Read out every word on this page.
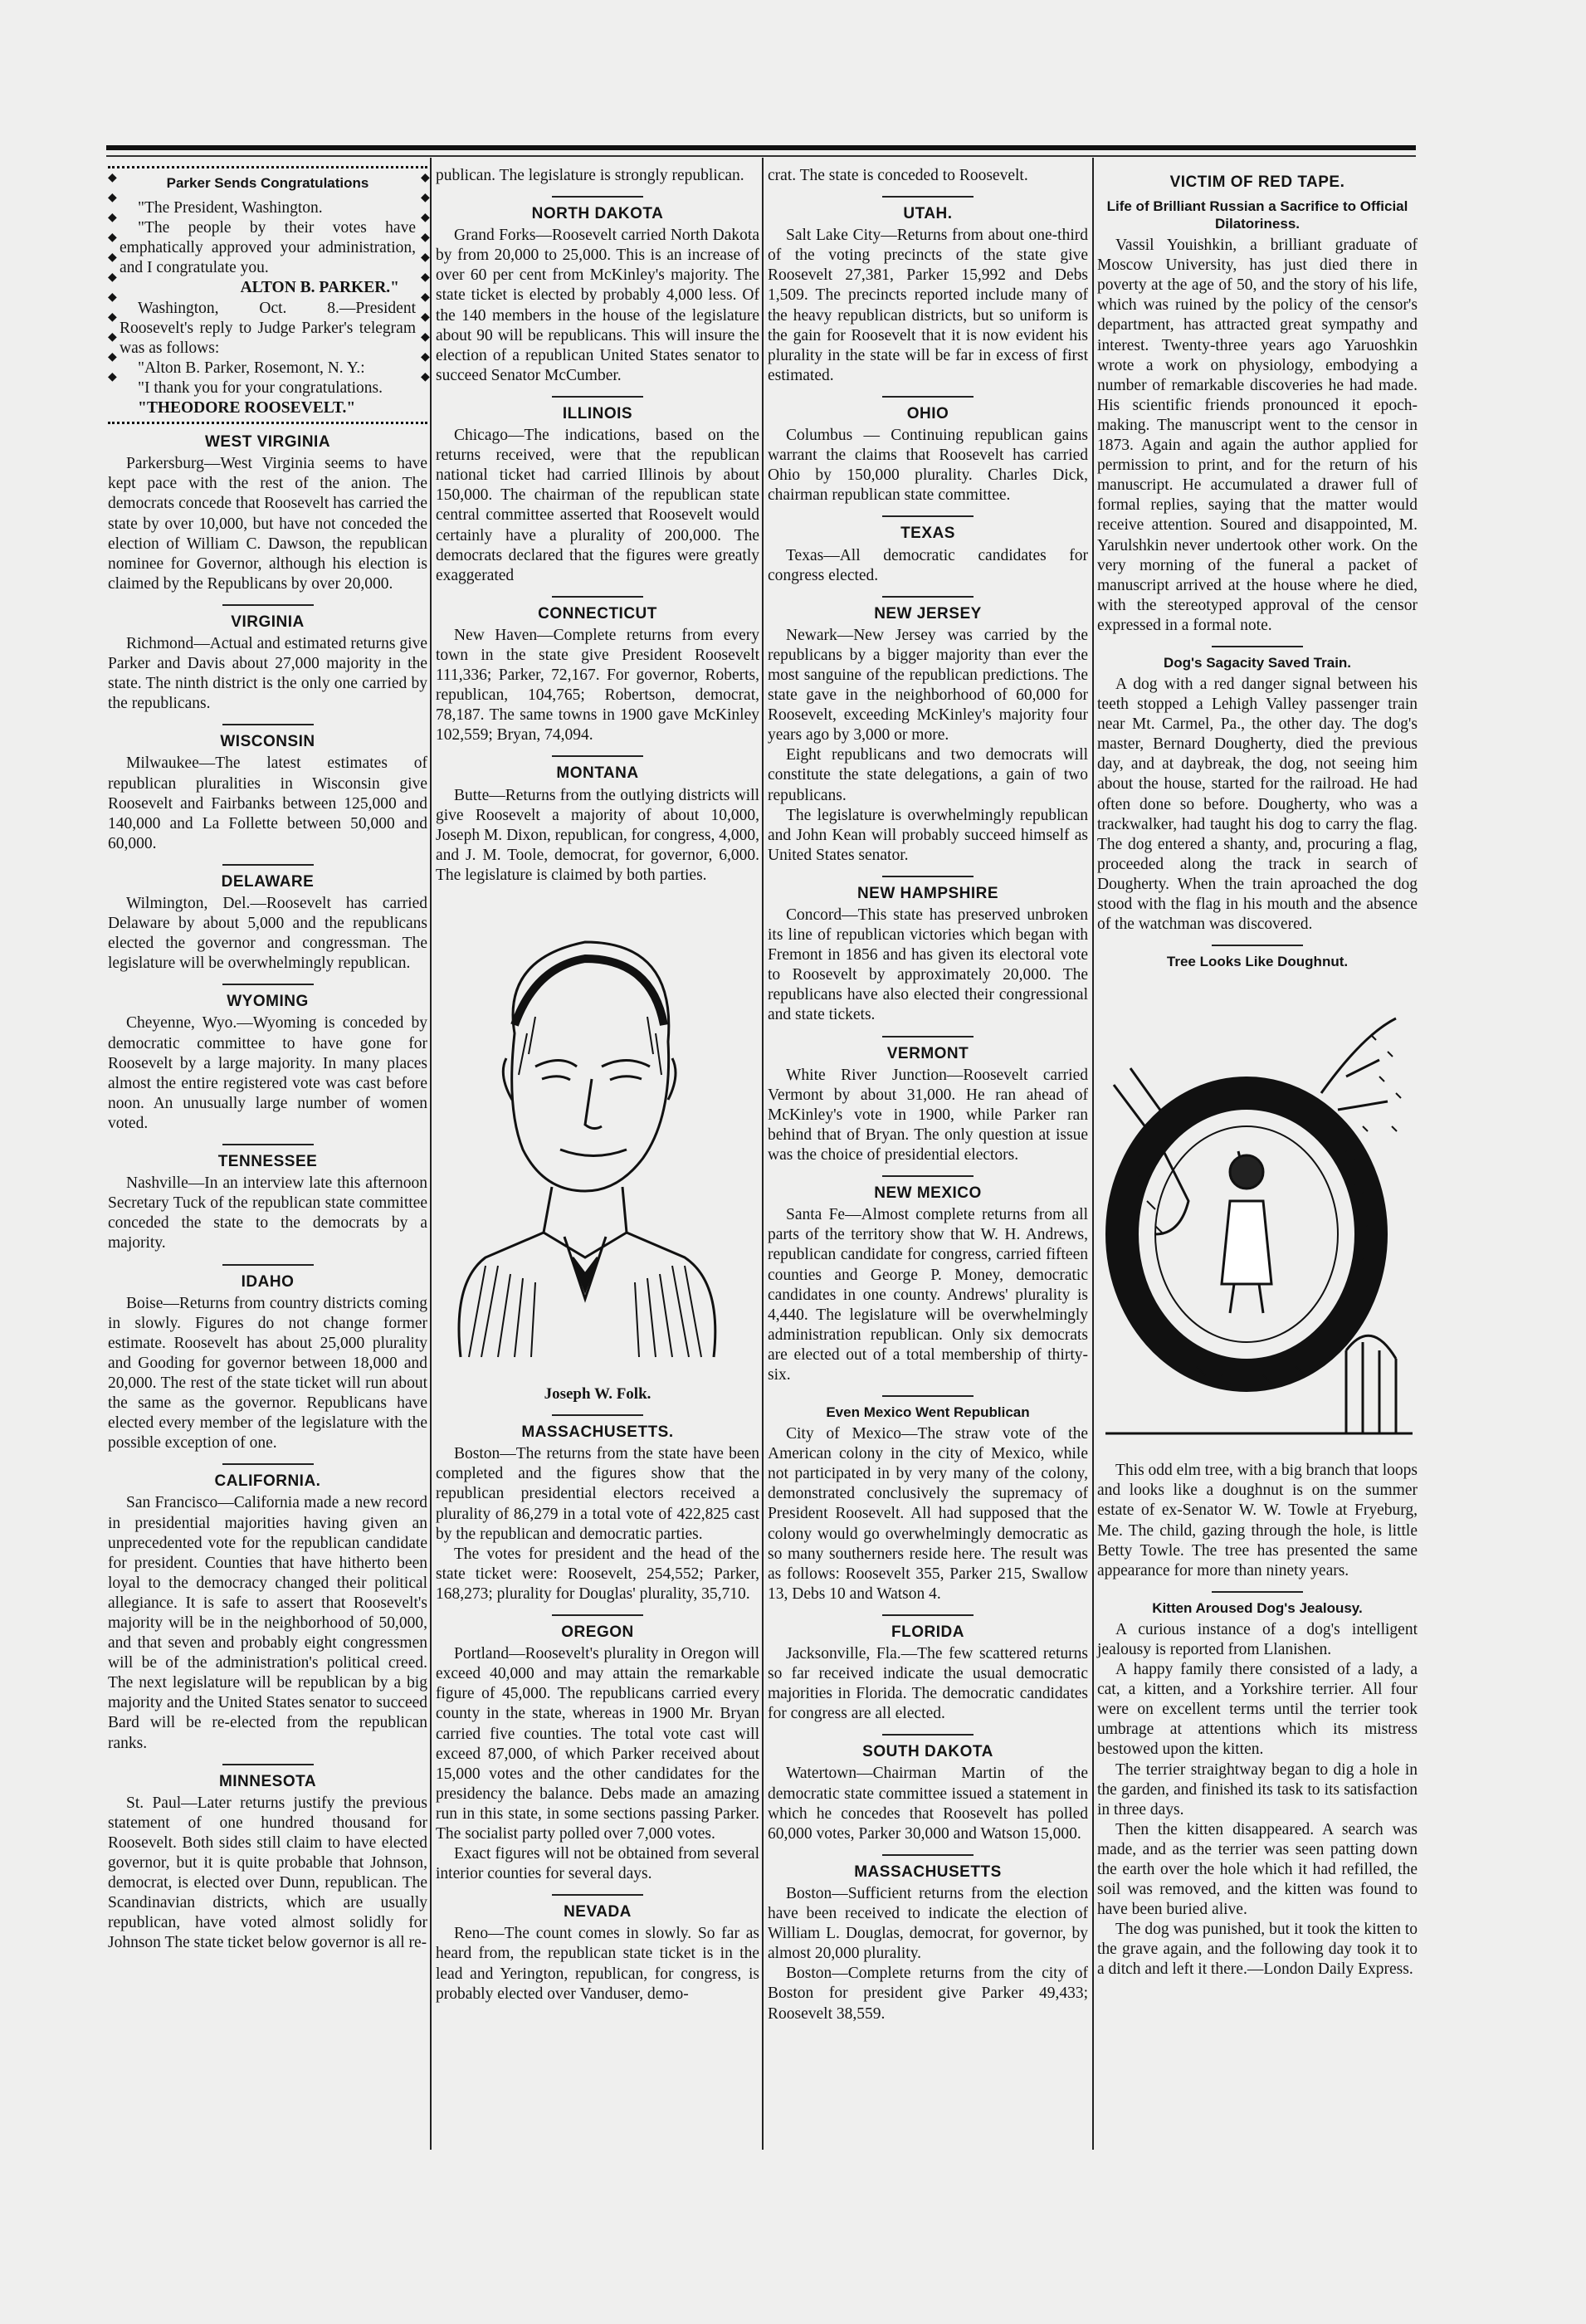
◆
◆
◆
◆
◆
◆
◆
◆
◆
◆
◆
◆
◆
◆
◆
◆
◆
◆
◆
◆
◆
◆
Parker Sends Congratulations

"The President, Washington.

"The people by their votes have emphatically approved your administration, and I congratulate you.

ALTON B. PARKER."

Washington, Oct. 8.—President Roosevelt's reply to Judge Parker's telegram was as follows:

"Alton B. Parker, Rosemont, N. Y.:

"I thank you for your congratulations.

"THEODORE ROOSEVELT."

WEST VIRGINIA

Parkersburg—West Virginia seems to have kept pace with the rest of the anion. The democrats concede that Roosevelt has carried the state by over 10,000, but have not conceded the election of William C. Dawson, the republican nominee for Governor, although his election is claimed by the Republicans by over 20,000.

VIRGINIA

Richmond—Actual and estimated returns give Parker and Davis about 27,000 majority in the state. The ninth district is the only one carried by the republicans.

WISCONSIN

Milwaukee—The latest estimates of republican pluralities in Wisconsin give Roosevelt and Fairbanks between 125,000 and 140,000 and La Follette between 50,000 and 60,000.

DELAWARE

Wilmington, Del.—Roosevelt has carried Delaware by about 5,000 and the republicans elected the governor and congressman. The legislature will be overwhelmingly republican.

WYOMING

Cheyenne, Wyo.—Wyoming is conceded by democratic committee to have gone for Roosevelt by a large majority. In many places almost the entire registered vote was cast before noon. An unusually large number of women voted.

TENNESSEE

Nashville—In an interview late this afternoon Secretary Tuck of the republican state committee conceded the state to the democrats by a majority.

IDAHO

Boise—Returns from country districts coming in slowly. Figures do not change former estimate. Roosevelt has about 25,000 plurality and Gooding for governor between 18,000 and 20,000. The rest of the state ticket will run about the same as the governor. Republicans have elected every member of the legislature with the possible exception of one.

CALIFORNIA.

San Francisco—California made a new record in presidential majorities having given an unprecedented vote for the republican candidate for president. Counties that have hitherto been loyal to the democracy changed their political allegiance. It is safe to assert that Roosevelt's majority will be in the neighborhood of 50,000, and that seven and probably eight congressmen will be of the administration's political creed. The next legislature will be republican by a big majority and the United States senator to succeed Bard will be re-elected from the republican ranks.

MINNESOTA

St. Paul—Later returns justify the previous statement of one hundred thousand for Roosevelt. Both sides still claim to have elected governor, but it is quite probable that Johnson, democrat, is elected over Dunn, republican. The Scandinavian districts, which are usually republican, have voted almost solidly for Johnson The state ticket below governor is all re-

publican. The legislature is strongly republican.

NORTH DAKOTA

Grand Forks—Roosevelt carried North Dakota by from 20,000 to 25,000. This is an increase of over 60 per cent from McKinley's majority. The state ticket is elected by probably 4,000 less. Of the 140 members in the house of the legislature about 90 will be republicans. This will insure the election of a republican United States senator to succeed Senator McCumber.

ILLINOIS

Chicago—The indications, based on the returns received, were that the republican national ticket had carried Illinois by about 150,000. The chairman of the republican state central committee asserted that Roosevelt would certainly have a plurality of 200,000. The democrats declared that the figures were greatly exaggerated

CONNECTICUT

New Haven—Complete returns from every town in the state give President Roosevelt 111,336; Parker, 72,167. For governor, Roberts, republican, 104,765; Robertson, democrat, 78,187. The same towns in 1900 gave McKinley 102,559; Bryan, 74,094.

MONTANA

Butte—Returns from the outlying districts will give Roosevelt a majority of about 10,000, Joseph M. Dixon, republican, for congress, 4,000, and J. M. Toole, democrat, for governor, 6,000. The legislature is claimed by both parties.

Joseph W. Folk.
MASSACHUSETTS.

Boston—The returns from the state have been completed and the figures show that the republican presidential electors received a plurality of 86,279 in a total vote of 422,825 cast by the republican and democratic parties.

The votes for president and the head of the state ticket were: Roosevelt, 254,552; Parker, 168,273; plurality for Douglas' plurality, 35,710.

OREGON

Portland—Roosevelt's plurality in Oregon will exceed 40,000 and may attain the remarkable figure of 45,000. The republicans carried every county in the state, whereas in 1900 Mr. Bryan carried five counties. The total vote cast will exceed 87,000, of which Parker received about 15,000 votes and the other candidates for the presidency the balance. Debs made an amazing run in this state, in some sections passing Parker. The socialist party polled over 7,000 votes.

Exact figures will not be obtained from several interior counties for several days.

NEVADA

Reno—The count comes in slowly. So far as heard from, the republican state ticket is in the lead and Yerington, republican, for congress, is probably elected over Vanduser, demo-

crat. The state is conceded to Roosevelt.

UTAH.

Salt Lake City—Returns from about one-third of the voting precincts of the state give Roosevelt 27,381, Parker 15,992 and Debs 1,509. The precincts reported include many of the heavy republican districts, but so uniform is the gain for Roosevelt that it is now evident his plurality in the state will be far in excess of first estimated.

OHIO

Columbus — Continuing republican gains warrant the claims that Roosevelt has carried Ohio by 150,000 plurality. Charles Dick, chairman republican state committee.

TEXAS

Texas—All democratic candidates for congress elected.

NEW JERSEY

Newark—New Jersey was carried by the republicans by a bigger majority than ever the most sanguine of the republican predictions. The state gave in the neighborhood of 60,000 for Roosevelt, exceeding McKinley's majority four years ago by 3,000 or more.

Eight republicans and two democrats will constitute the state delegations, a gain of two republicans.

The legislature is overwhelmingly republican and John Kean will probably succeed himself as United States senator.

NEW HAMPSHIRE

Concord—This state has preserved unbroken its line of republican victories which began with Fremont in 1856 and has given its electoral vote to Roosevelt by approximately 20,000. The republicans have also elected their congressional and state tickets.

VERMONT

White River Junction—Roosevelt carried Vermont by about 31,000. He ran ahead of McKinley's vote in 1900, while Parker ran behind that of Bryan. The only question at issue was the choice of presidential electors.

NEW MEXICO

Santa Fe—Almost complete returns from all parts of the territory show that W. H. Andrews, republican candidate for congress, carried fifteen counties and George P. Money, democratic candidates in one county. Andrews' plurality is 4,440. The legislature will be overwhelmingly administration republican. Only six democrats are elected out of a total membership of thirty-six.

Even Mexico Went Republican

City of Mexico—The straw vote of the American colony in the city of Mexico, while not participated in by very many of the colony, demonstrated conclusively the supremacy of President Roosevelt. All had supposed that the colony would go overwhelmingly democratic as so many southerners reside here. The result was as follows: Roosevelt 355, Parker 215, Swallow 13, Debs 10 and Watson 4.

FLORIDA

Jacksonville, Fla.—The few scattered returns so far received indicate the usual democratic majorities in Florida. The democratic candidates for congress are all elected.

SOUTH DAKOTA

Watertown—Chairman Martin of the democratic state committee issued a statement in which he concedes that Roosevelt has polled 60,000 votes, Parker 30,000 and Watson 15,000.

MASSACHUSETTS

Boston—Sufficient returns from the election have been received to indicate the election of William L. Douglas, democrat, for governor, by almost 20,000 plurality.

Boston—Complete returns from the city of Boston for president give Parker 49,433; Roosevelt 38,559.

VICTIM OF RED TAPE.
Life of Brilliant Russian a Sacrifice to Official Dilatoriness.

Vassil Youishkin, a brilliant graduate of Moscow University, has just died there in poverty at the age of 50, and the story of his life, which was ruined by the policy of the censor's department, has attracted great sympathy and interest. Twenty-three years ago Yaruoshkin wrote a work on physiology, embodying a number of remarkable discoveries he had made. His scientific friends pronounced it epoch-making. The manuscript went to the censor in 1873. Again and again the author applied for permission to print, and for the return of his manuscript. He accumulated a drawer full of formal replies, saying that the matter would receive attention. Soured and disappointed, M. Yarulshkin never undertook other work. On the very morning of the funeral a packet of manuscript arrived at the house where he died, with the stereotyped approval of the censor expressed in a formal note.

Dog's Sagacity Saved Train.

A dog with a red danger signal between his teeth stopped a Lehigh Valley passenger train near Mt. Carmel, Pa., the other day. The dog's master, Bernard Dougherty, died the previous day, and at daybreak, the dog, not seeing him about the house, started for the railroad. He had often done so before. Dougherty, who was a trackwalker, had taught his dog to carry the flag. The dog entered a shanty, and, procuring a flag, proceeded along the track in search of Dougherty. When the train aproached the dog stood with the flag in his mouth and the absence of the watchman was discovered.

Tree Looks Like Doughnut.

This odd elm tree, with a big branch that loops and looks like a doughnut is on the summer estate of ex-Senator W. W. Towle at Fryeburg, Me. The child, gazing through the hole, is little Betty Towle. The tree has presented the same appearance for more than ninety years.

Kitten Aroused Dog's Jealousy.

A curious instance of a dog's intelligent jealousy is reported from Llanishen.

A happy family there consisted of a lady, a cat, a kitten, and a Yorkshire terrier. All four were on excellent terms until the terrier took umbrage at attentions which its mistress bestowed upon the kitten.

The terrier straightway began to dig a hole in the garden, and finished its task to its satisfaction in three days.

Then the kitten disappeared. A search was made, and as the terrier was seen patting down the earth over the hole which it had refilled, the soil was removed, and the kitten was found to have been buried alive.

The dog was punished, but it took the kitten to the grave again, and the following day took it to a ditch and left it there.—London Daily Express.
